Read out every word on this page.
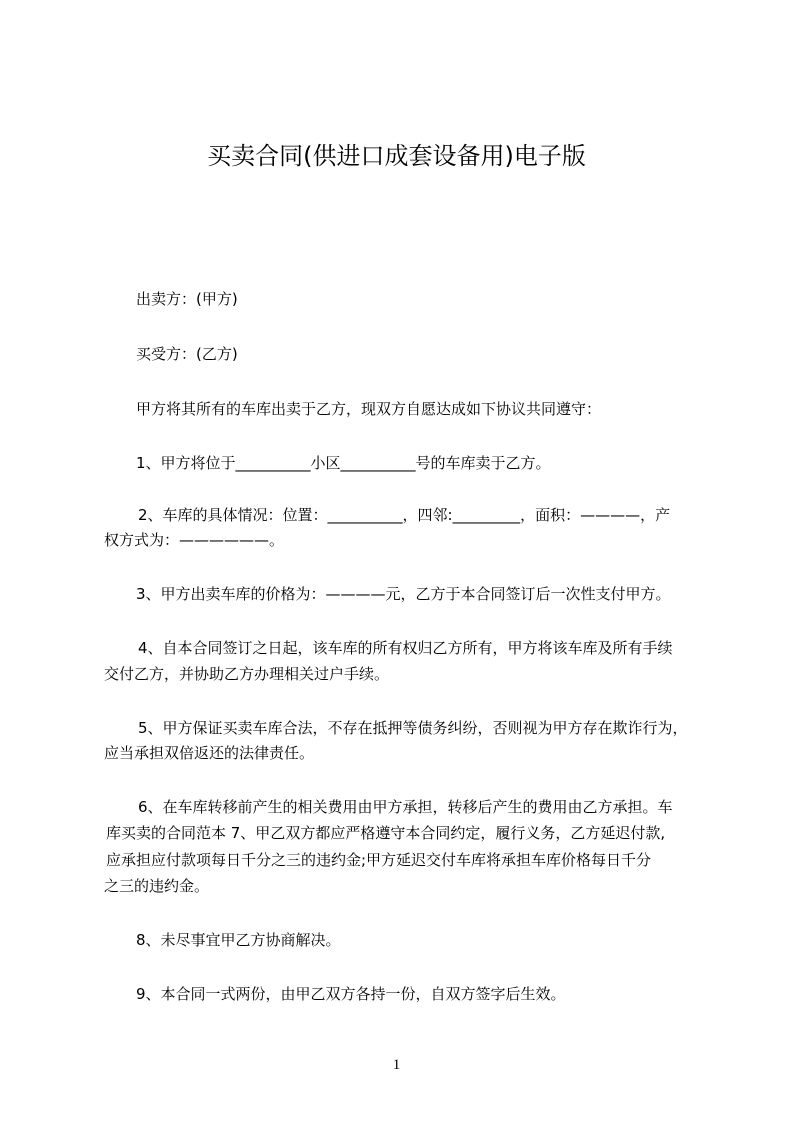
买卖合同(供进口成套设备用)电子版
出卖方：(甲方)
买受方：(乙方)
甲方将其所有的车库出卖于乙方，现双方自愿达成如下协议共同遵守：
1、甲方将位于__________小区__________号的车库卖于乙方。
2、车库的具体情况：位置：__________，四邻:_________，面积：————，产
权方式为：——————。
3、甲方出卖车库的价格为：————元，乙方于本合同签订后一次性支付甲方。
4、自本合同签订之日起，该车库的所有权归乙方所有，甲方将该车库及所有手续
交付乙方，并协助乙方办理相关过户手续。
5、甲方保证买卖车库合法，不存在抵押等债务纠纷，否则视为甲方存在欺诈行为，
应当承担双倍返还的法律责任。
6、在车库转移前产生的相关费用由甲方承担，转移后产生的费用由乙方承担。车
库买卖的合同范本 7、甲乙双方都应严格遵守本合同约定，履行义务，乙方延迟付款,
应承担应付款项每日千分之三的违约金;甲方延迟交付车库将承担车库价格每日千分
之三的违约金。
8、未尽事宜甲乙方协商解决。
9、本合同一式两份，由甲乙双方各持一份，自双方签字后生效。
1
